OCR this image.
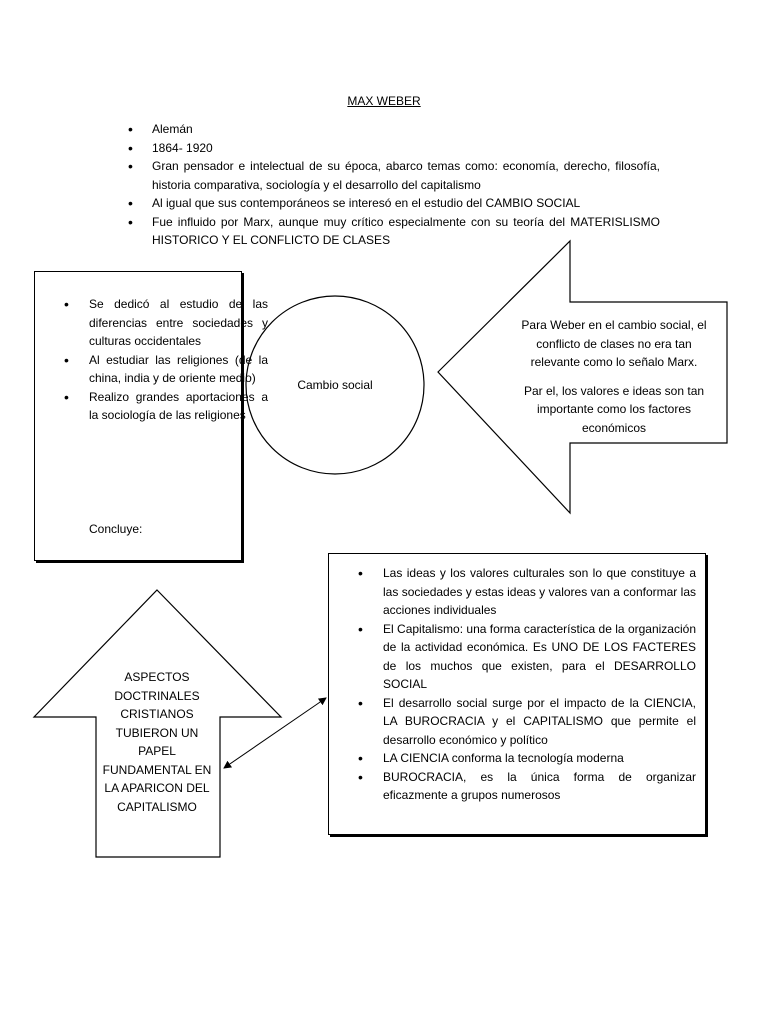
MAX WEBER
• Alemán
• 1864- 1920
• Gran pensador e intelectual de su época, abarco temas como: economía, derecho, filosofía, historia comparativa, sociología y el desarrollo del capitalismo
• Al igual que sus contemporáneos se interesó en el estudio del CAMBIO SOCIAL
• Fue influido por Marx, aunque muy crítico especialmente con su teoría del MATERISLISMO HISTORICO Y EL CONFLICTO DE CLASES
• Se dedicó al estudio de las diferencias entre sociedades y culturas occidentales
• Al estudiar las religiones (de la china, india y de oriente medio)
• Realizo grandes aportaciones a la sociología de las religiones
Concluye:
Cambio social

Para Weber en el cambio social, el conflicto de clases no era tan relevante como lo señalo Marx.

Par el, los valores e ideas son tan importante como los factores económicos

ASPECTOS DOCTRINALES CRISTIANOS TUBIERON UN PAPEL FUNDAMENTAL EN LA APARICON DEL CAPITALISMO
• Las ideas y los valores culturales son lo que constituye a las sociedades y estas ideas y valores van a conformar las acciones individuales
• El Capitalismo: una forma característica de la organización de la actividad económica. Es UNO DE LOS FACTERES de los muchos que existen, para el DESARROLLO SOCIAL
• El desarrollo social surge por el impacto de la CIENCIA, LA BUROCRACIA y el CAPITALISMO que permite el desarrollo económico y político
• LA CIENCIA conforma la tecnología moderna
• BUROCRACIA, es la única forma de organizar eficazmente a grupos numerosos
